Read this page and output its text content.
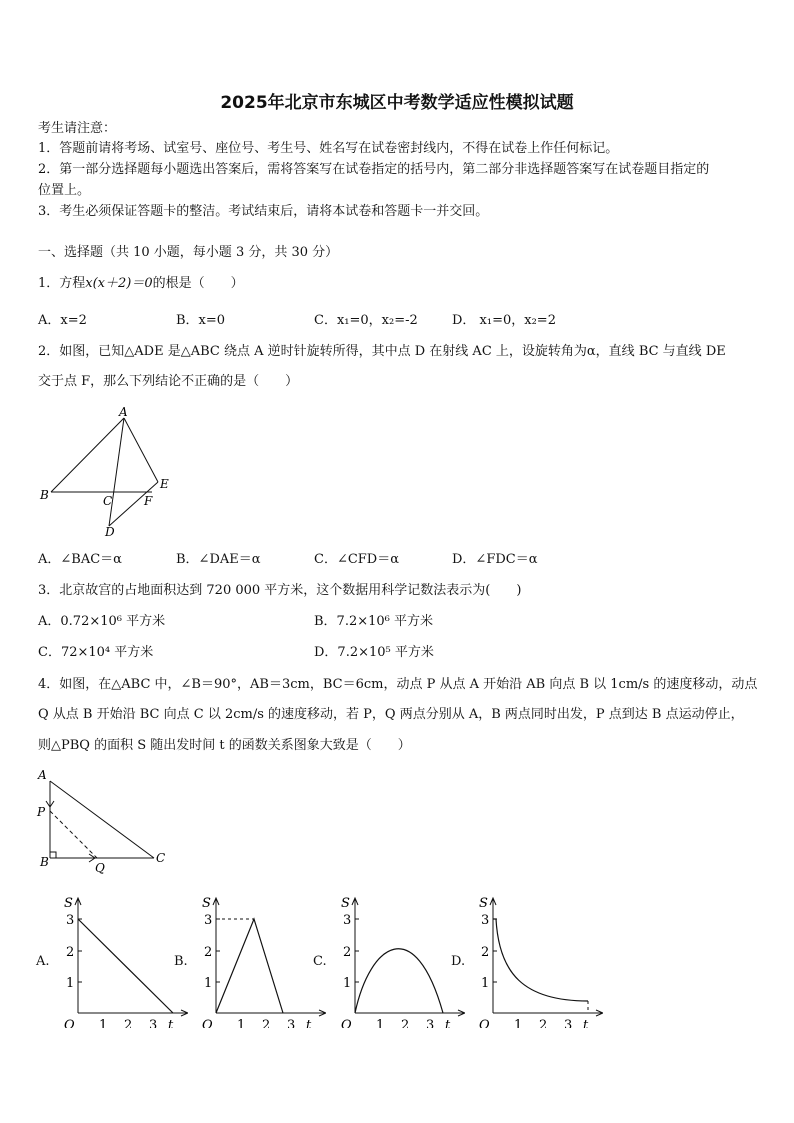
2025年北京市东城区中考数学适应性模拟试题
考生请注意：
1．答题前请将考场、试室号、座位号、考生号、姓名写在试卷密封线内，不得在试卷上作任何标记。
2．第一部分选择题每小题选出答案后，需将答案写在试卷指定的括号内，第二部分非选择题答案写在试卷题目指定的
位置上。
3．考生必须保证答题卡的整洁。考试结束后，请将本试卷和答题卡一并交回。
一、选择题（共 10 小题，每小题 3 分，共 30 分）
1．方程x(x＋2)＝0的根是（　　）
A．x=2	B．x=0	C．x₁=0，x₂=-2	D． x₁=0，x₂=2
2．如图，已知△ADE 是△ABC 绕点 A 逆时针旋转所得，其中点 D 在射线 AC 上，设旋转角为α，直线 BC 与直线 DE
交于点 F，那么下列结论不正确的是（　　）
A
B	C
D
E
F
A．∠BAC＝α	B．∠DAE＝α	C．∠CFD＝α	D．∠FDC＝α
3．北京故宫的占地面积达到 720 000 平方米，这个数据用科学记数法表示为(　　)
A．0.72×10⁶ 平方米	B．7.2×10⁶ 平方米
C．72×10⁴ 平方米	D．7.2×10⁵ 平方米
4．如图，在△ABC 中，∠B＝90°，AB＝3cm，BC＝6cm，动点 P 从点 A 开始沿 AB 向点 B 以 1cm/s 的速度移动，动点
Q 从点 B 开始沿 BC 向点 C 以 2cm/s 的速度移动，若 P，Q 两点分别从 A，B 两点同时出发，P 点到达 B 点运动停止，
则△PBQ 的面积 S 随出发时间 t 的函数关系图象大致是（　　）
A
P
B	Q
C
A.
1
1
2
2
3
3
S
t
O
B.
1
1
2
2
3
3
S
t
O
C.
1
1
2
2
3
3
S
t
O
D.
1
1
2
2
3
3
S
t
O
